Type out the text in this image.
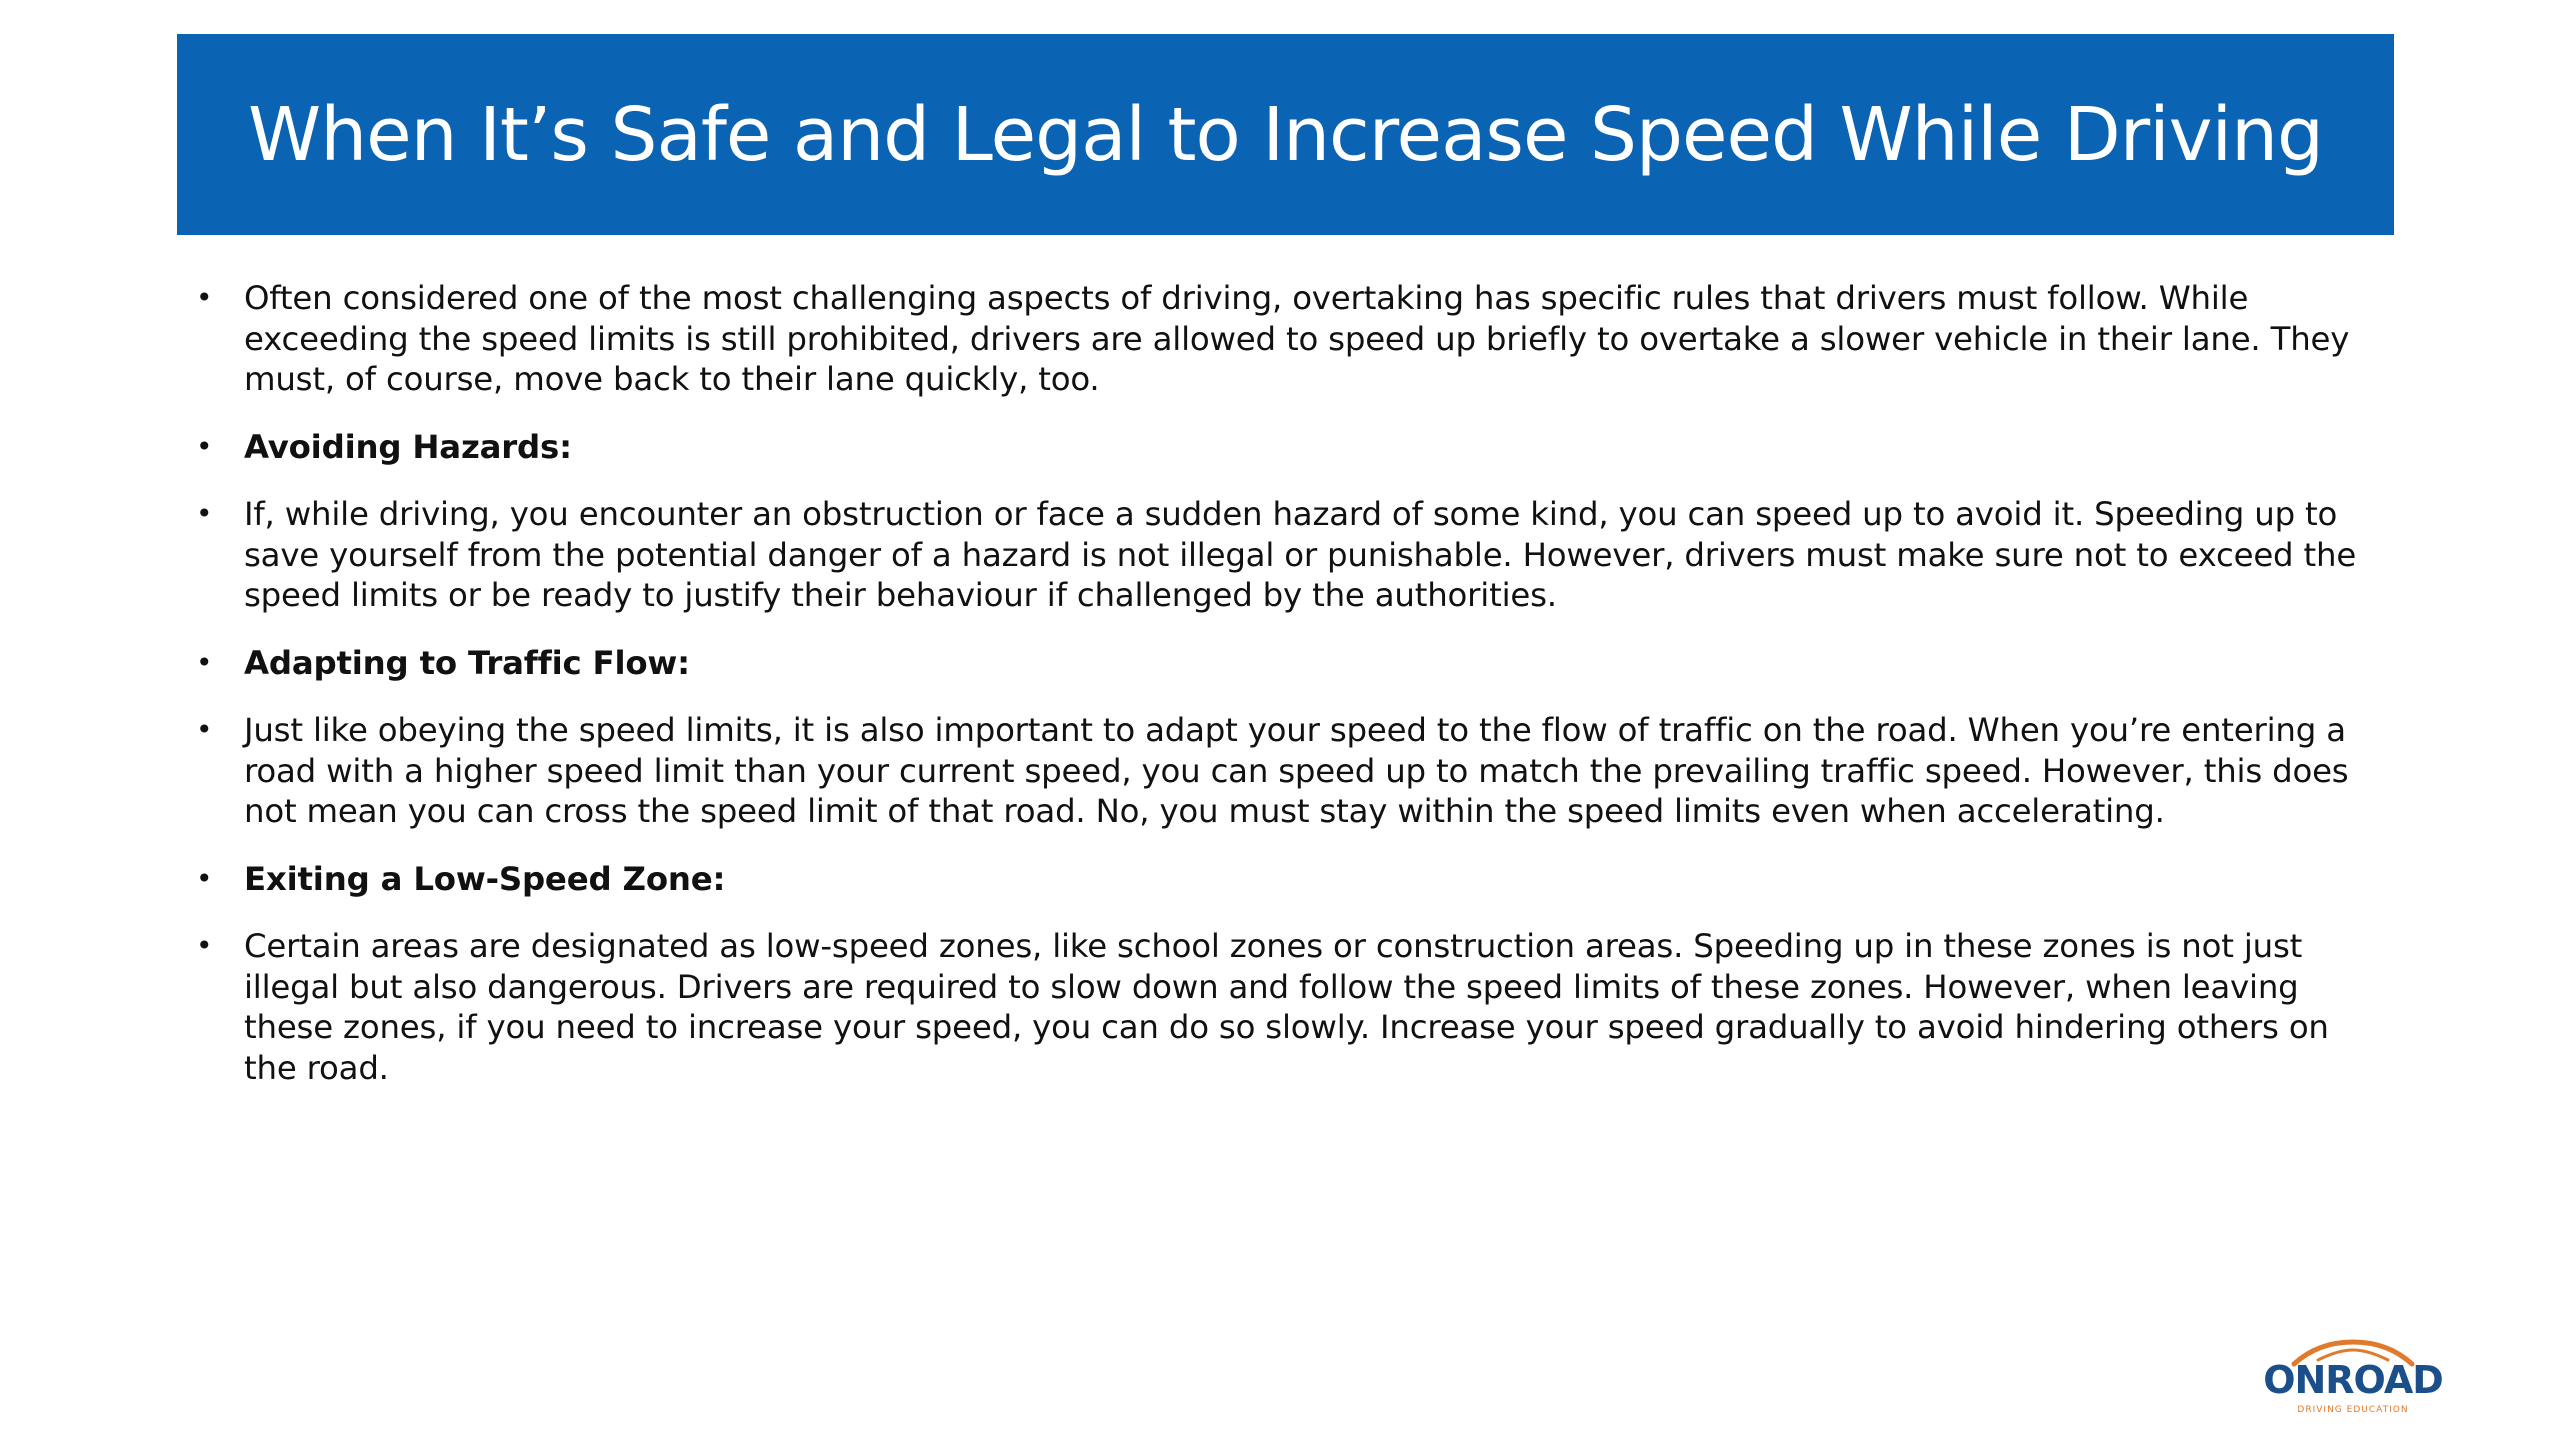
When It’s Safe and Legal to Increase Speed While Driving
• Often considered one of the most challenging aspects of driving, overtaking has specific rules that drivers must follow. While exceeding the speed limits is still prohibited, drivers are allowed to speed up briefly to overtake a slower vehicle in their lane. They must, of course, move back to their lane quickly, too.
• Avoiding Hazards:
• If, while driving, you encounter an obstruction or face a sudden hazard of some kind, you can speed up to avoid it. Speeding up to save yourself from the potential danger of a hazard is not illegal or punishable. However, drivers must make sure not to exceed the speed limits or be ready to justify their behaviour if challenged by the authorities.
• Adapting to Traffic Flow:
• Just like obeying the speed limits, it is also important to adapt your speed to the flow of traffic on the road. When you’re entering a road with a higher speed limit than your current speed, you can speed up to match the prevailing traffic speed. However, this does not mean you can cross the speed limit of that road. No, you must stay within the speed limits even when accelerating.
• Exiting a Low-Speed Zone:
• Certain areas are designated as low-speed zones, like school zones or construction areas. Speeding up in these zones is not just illegal but also dangerous. Drivers are required to slow down and follow the speed limits of these zones. However, when leaving these zones, if you need to increase your speed, you can do so slowly. Increase your speed gradually to avoid hindering others on the road.
ONROAD
DRIVING EDUCATION
